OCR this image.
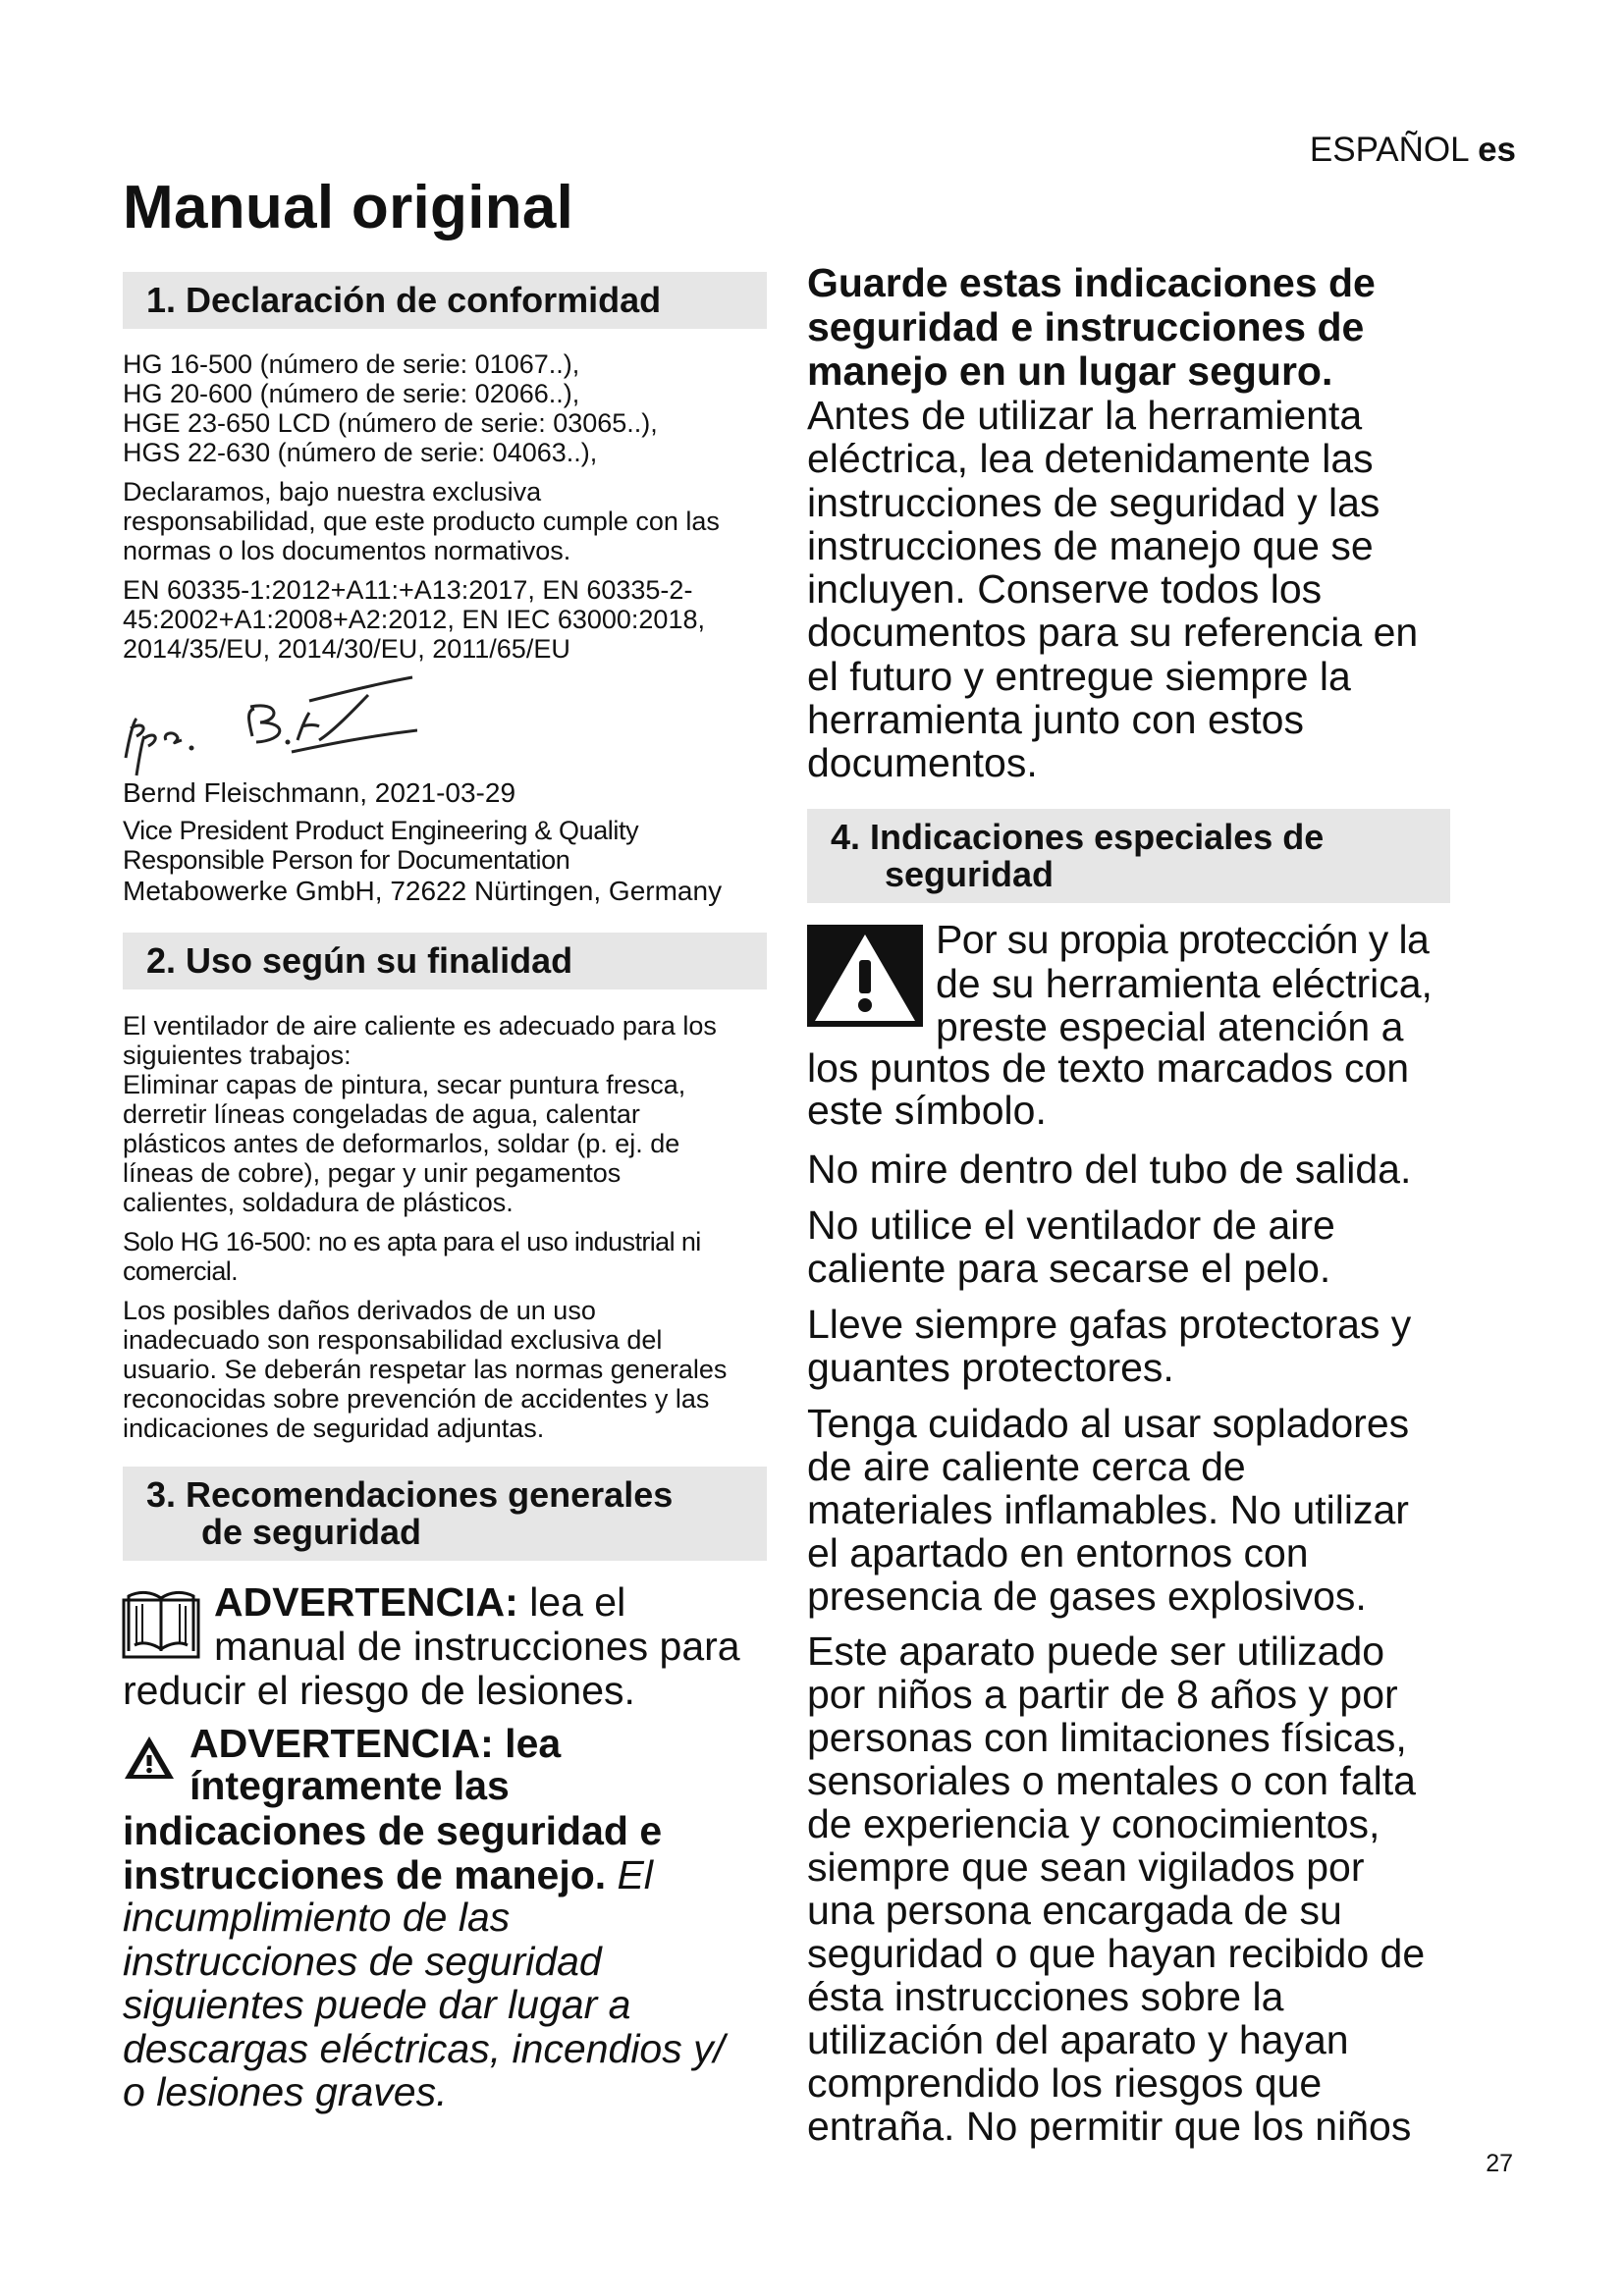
ESPAÑOL es
Manual original
1. Declaración de conformidad

HG 16-500 (número de serie: 01067..),
HG 20-600 (número de serie: 02066..),
HGE 23-650 LCD (número de serie: 03065..),
HGS 22-630 (número de serie: 04063..),

Declaramos, bajo nuestra exclusiva
responsabilidad, que este producto cumple con las
normas o los documentos normativos.

EN 60335-1:2012+A11:+A13:2017, EN 60335-2-
45:2002+A1:2008+A2:2012, EN IEC 63000:2018,
2014/35/EU, 2014/30/EU, 2011/65/EU

Bernd Fleischmann, 2021-03-29

Vice President Product Engineering & Quality
Responsible Person for Documentation

Metabowerke GmbH, 72622 Nürtingen, Germany

2. Uso según su finalidad

El ventilador de aire caliente es adecuado para los
siguientes trabajos:
Eliminar capas de pintura, secar puntura fresca,
derretir líneas congeladas de agua, calentar
plásticos antes de deformarlos, soldar (p. ej. de
líneas de cobre), pegar y unir pegamentos
calientes, soldadura de plásticos.

Solo HG 16-500: no es apta para el uso industrial ni
comercial.

Los posibles daños derivados de un uso
inadecuado son responsabilidad exclusiva del
usuario. Se deberán respetar las normas generales
reconocidas sobre prevención de accidentes y las
indicaciones de seguridad adjuntas.

3. Recomendaciones generales
de seguridad
ADVERTENCIA: lea el
manual de instrucciones para
reducir el riesgo de lesiones.
ADVERTENCIA: lea
íntegramente las
indicaciones de seguridad e
instrucciones de manejo. El
incumplimiento de las
instrucciones de seguridad
siguientes puede dar lugar a
descargas eléctricas, incendios y/
o lesiones graves.
Guarde estas indicaciones de
seguridad e instrucciones de
manejo en un lugar seguro.
Antes de utilizar la herramienta
eléctrica, lea detenidamente las
instrucciones de seguridad y las
instrucciones de manejo que se
incluyen. Conserve todos los
documentos para su referencia en
el futuro y entregue siempre la
herramienta junto con estos
documentos.
4. Indicaciones especiales de
seguridad
Por su propia protección y la
de su herramienta eléctrica,
preste especial atención a
los puntos de texto marcados con
este símbolo.

No mire dentro del tubo de salida.

No utilice el ventilador de aire
caliente para secarse el pelo.

Lleve siempre gafas protectoras y
guantes protectores.

Tenga cuidado al usar sopladores
de aire caliente cerca de
materiales inflamables. No utilizar
el apartado en entornos con
presencia de gases explosivos.

Este aparato puede ser utilizado
por niños a partir de 8 años y por
personas con limitaciones físicas,
sensoriales o mentales o con falta
de experiencia y conocimientos,
siempre que sean vigilados por
una persona encargada de su
seguridad o que hayan recibido de
ésta instrucciones sobre la
utilización del aparato y hayan
comprendido los riesgos que
entraña. No permitir que los niños

27
